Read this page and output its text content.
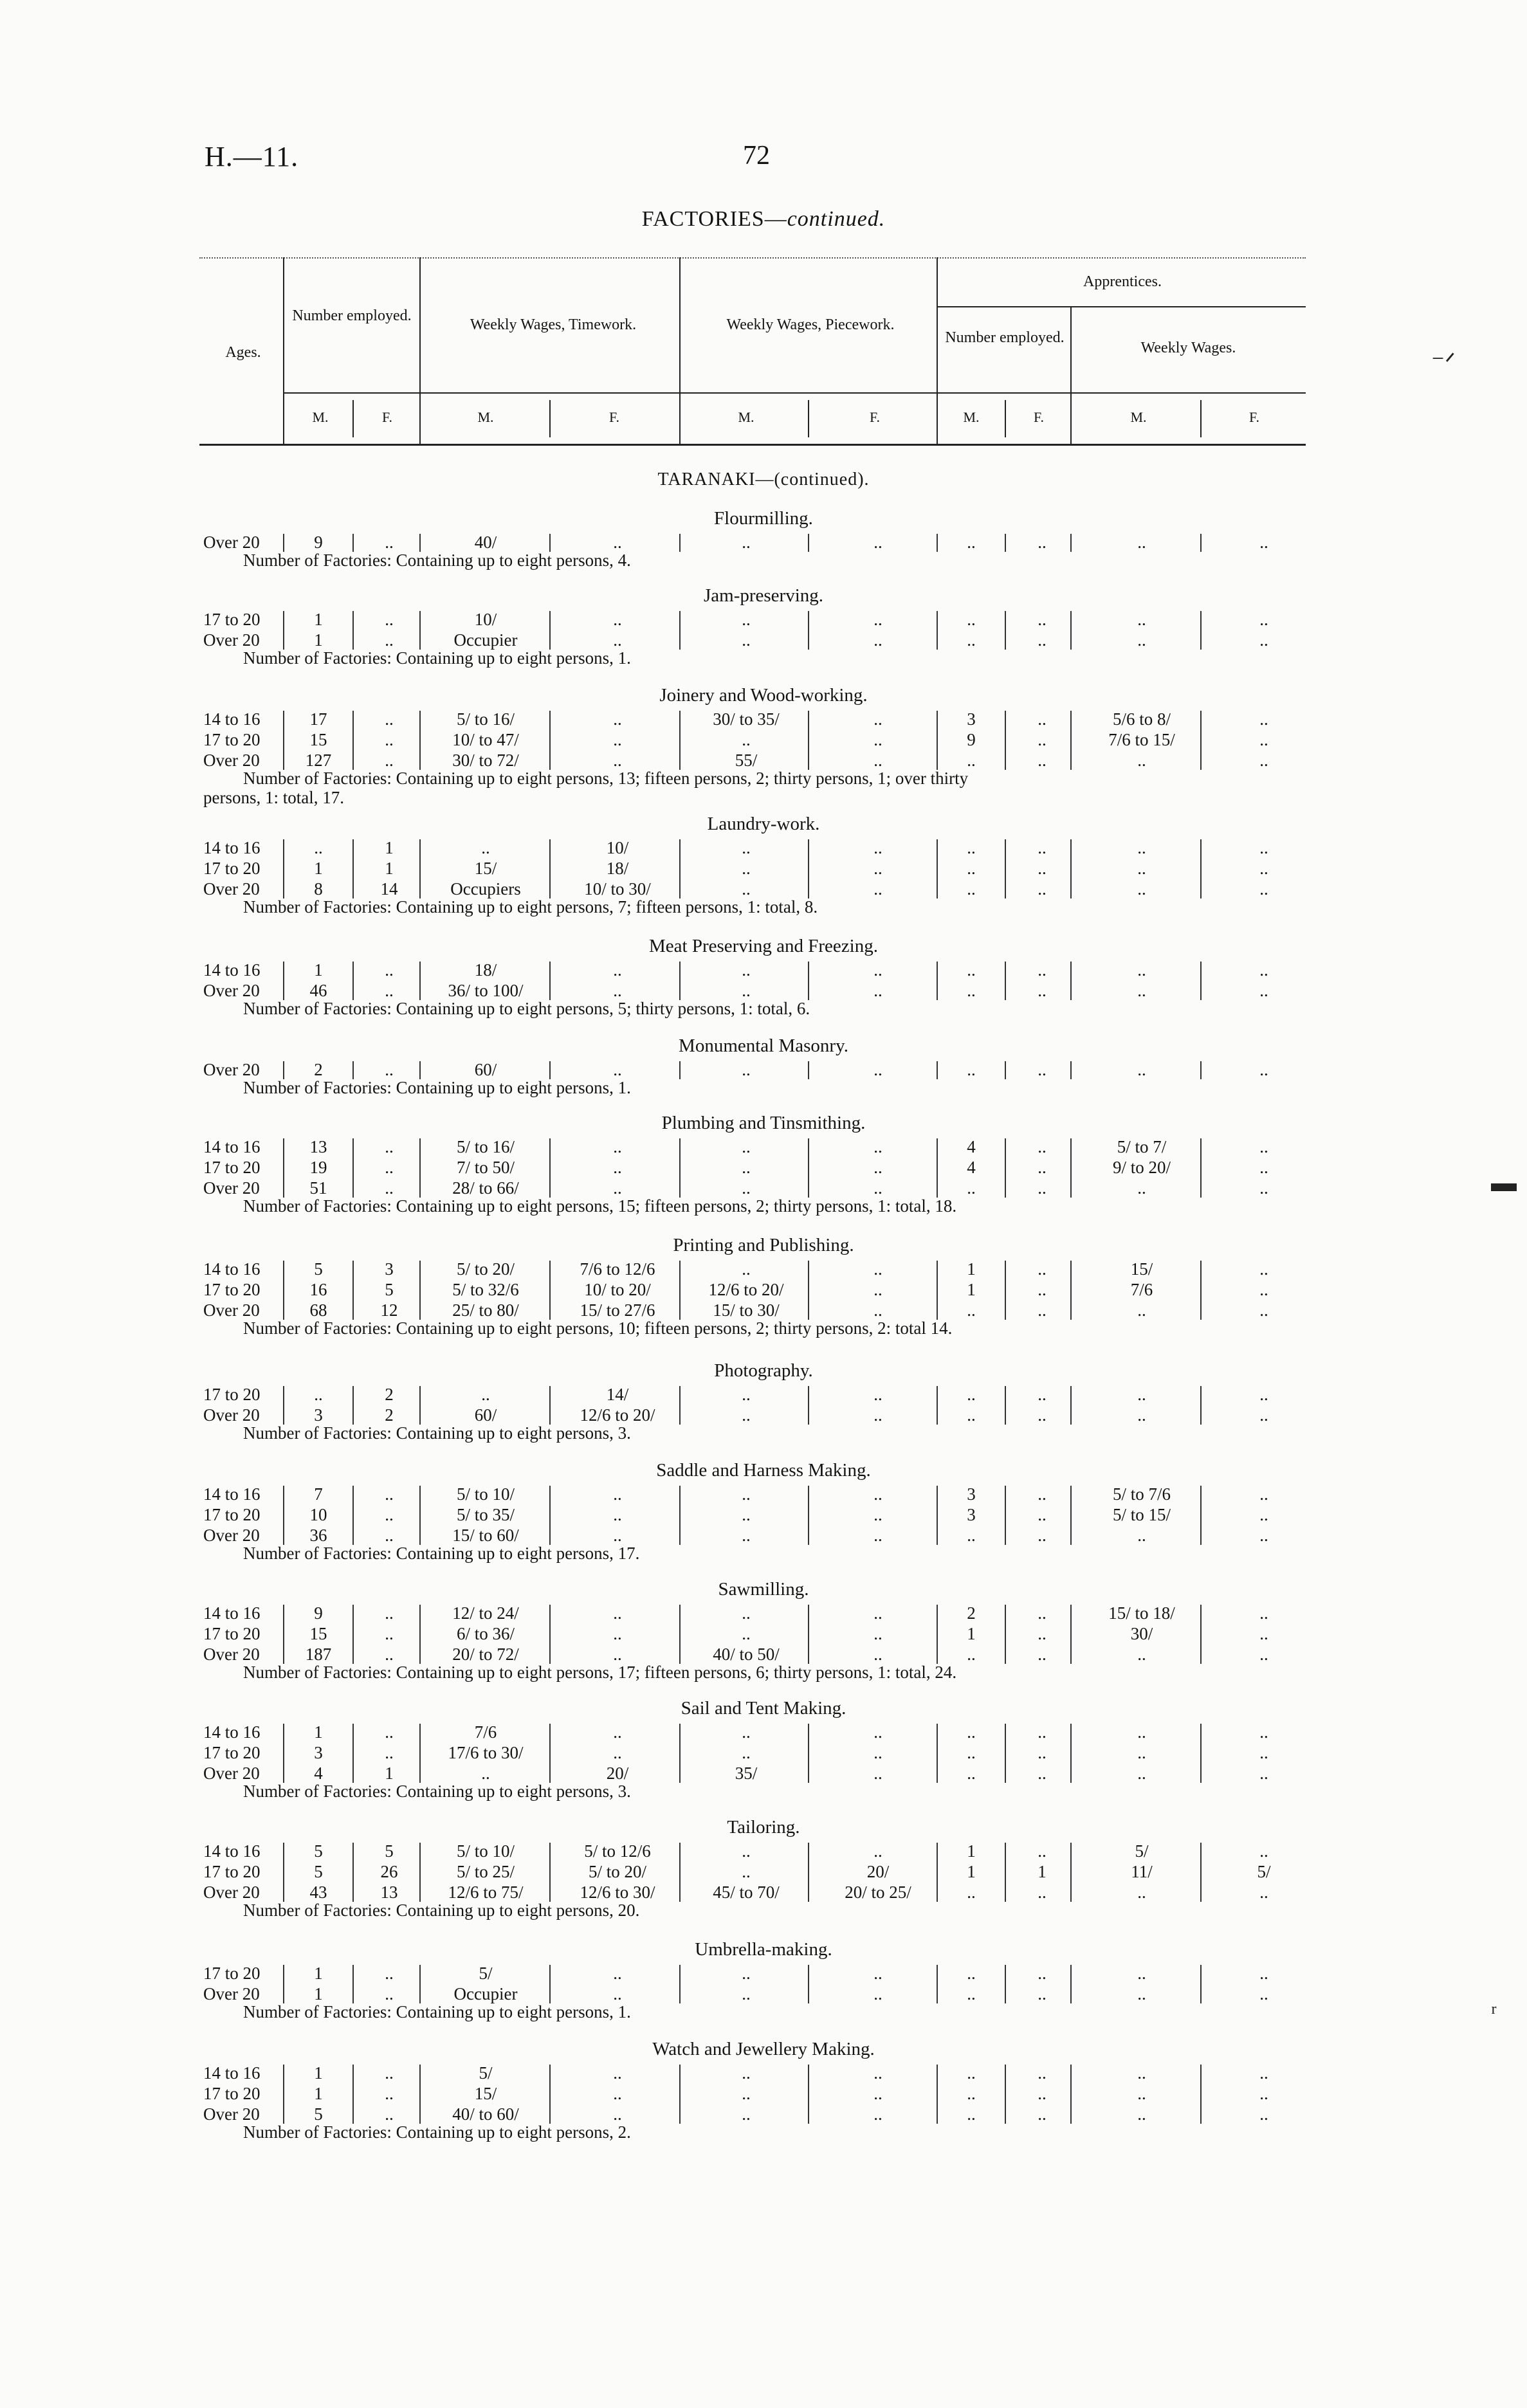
H.—11.	72
FACTORIES—continued.
Ages.
Number employed.
Weekly Wages, Timework.	Weekly Wages, Piecework.
Apprentices.
Number employed.
Weekly Wages.
M.	F.	M.	F.	M.	F.	M.	F.	M.	F.
TARANAKI—(continued).
Flourmilling.
Over 20	9	..	40/	..	..	..	..	..	..	..
Number of Factories: Containing up to eight persons, 4.
Jam-preserving.
17 to 20	1	..	10/	..	..	..	..	..	..	..
Over 20	1	..	Occupier	..	..	..	..	..	..	..
Number of Factories: Containing up to eight persons, 1.
Joinery and Wood-working.
14 to 16	17	..	5/ to 16/	..	30/ to 35/	..	3	..	5/6 to 8/	..
17 to 20	15	..	10/ to 47/	..	..	..	9	..	7/6 to 15/	..
Over 20	127	..	30/ to 72/	..	55/	..	..	..	..	..
Number of Factories: Containing up to eight persons, 13; fifteen persons, 2; thirty persons, 1; over thirty
persons, 1: total, 17.
Laundry-work.
14 to 16	..	1	..	10/	..	..	..	..	..	..
17 to 20	1	1	15/	18/	..	..	..	..	..	..
Over 20	8	14	Occupiers	10/ to 30/	..	..	..	..	..	..
Number of Factories: Containing up to eight persons, 7; fifteen persons, 1: total, 8.
Meat Preserving and Freezing.
14 to 16	1	..	18/	..	..	..	..	..	..	..
Over 20	46	..	36/ to 100/	..	..	..	..	..	..	..
Number of Factories: Containing up to eight persons, 5; thirty persons, 1: total, 6.
Monumental Masonry.
Over 20	2	..	60/	..	..	..	..	..	..	..
Number of Factories: Containing up to eight persons, 1.
Plumbing and Tinsmithing.
14 to 16	13	..	5/ to 16/	..	..	..	4	..	5/ to 7/	..
17 to 20	19	..	7/ to 50/	..	..	..	4	..	9/ to 20/	..
Over 20	51	..	28/ to 66/	..	..	..	..	..	..	..
Number of Factories: Containing up to eight persons, 15; fifteen persons, 2; thirty persons, 1: total, 18.
Printing and Publishing.
14 to 16	5	3	5/ to 20/	7/6 to 12/6	..	..	1	..	15/	..
17 to 20	16	5	5/ to 32/6	10/ to 20/	12/6 to 20/	..	1	..	7/6	..
Over 20	68	12	25/ to 80/	15/ to 27/6	15/ to 30/	..	..	..	..	..
Number of Factories: Containing up to eight persons, 10; fifteen persons, 2; thirty persons, 2: total 14.
Photography.
17 to 20	..	2	..	14/	..	..	..	..	..	..
Over 20	3	2	60/	12/6 to 20/	..	..	..	..	..	..
Number of Factories: Containing up to eight persons, 3.
Saddle and Harness Making.
14 to 16	7	..	5/ to 10/	..	..	..	3	..	5/ to 7/6	..
17 to 20	10	..	5/ to 35/	..	..	..	3	..	5/ to 15/	..
Over 20	36	..	15/ to 60/	..	..	..	..	..	..	..
Number of Factories: Containing up to eight persons, 17.
Sawmilling.
14 to 16	9	..	12/ to 24/	..	..	..	2	..	15/ to 18/	..
17 to 20	15	..	6/ to 36/	..	..	..	1	..	30/	..
Over 20	187	..	20/ to 72/	..	40/ to 50/	..	..	..	..	..
Number of Factories: Containing up to eight persons, 17; fifteen persons, 6; thirty persons, 1: total, 24.
Sail and Tent Making.
14 to 16	1	..	7/6	..	..	..	..	..	..	..
17 to 20	3	..	17/6 to 30/	..	..	..	..	..	..	..
Over 20	4	1	..	20/	35/	..	..	..	..	..
Number of Factories: Containing up to eight persons, 3.
Tailoring.
14 to 16	5	5	5/ to 10/	5/ to 12/6	..	..	1	..	5/	..
17 to 20	5	26	5/ to 25/	5/ to 20/	..	20/	1	1	11/	5/
Over 20	43	13	12/6 to 75/	12/6 to 30/	45/ to 70/	20/ to 25/	..	..	..	..
Number of Factories: Containing up to eight persons, 20.
Umbrella-making.
17 to 20	1	..	5/	..	..	..	..	..	..	..
Over 20	1	..	Occupier	..	..	..	..	..	..	..
Number of Factories: Containing up to eight persons, 1.
Watch and Jewellery Making.
14 to 16	1	..	5/	..	..	..	..	..	..	..
17 to 20	1	..	15/	..	..	..	..	..	..	..
Over 20	5	..	40/ to 60/	..	..	..	..	..	..	..
Number of Factories: Containing up to eight persons, 2.
⁻ᐟ
▬
ʳ
